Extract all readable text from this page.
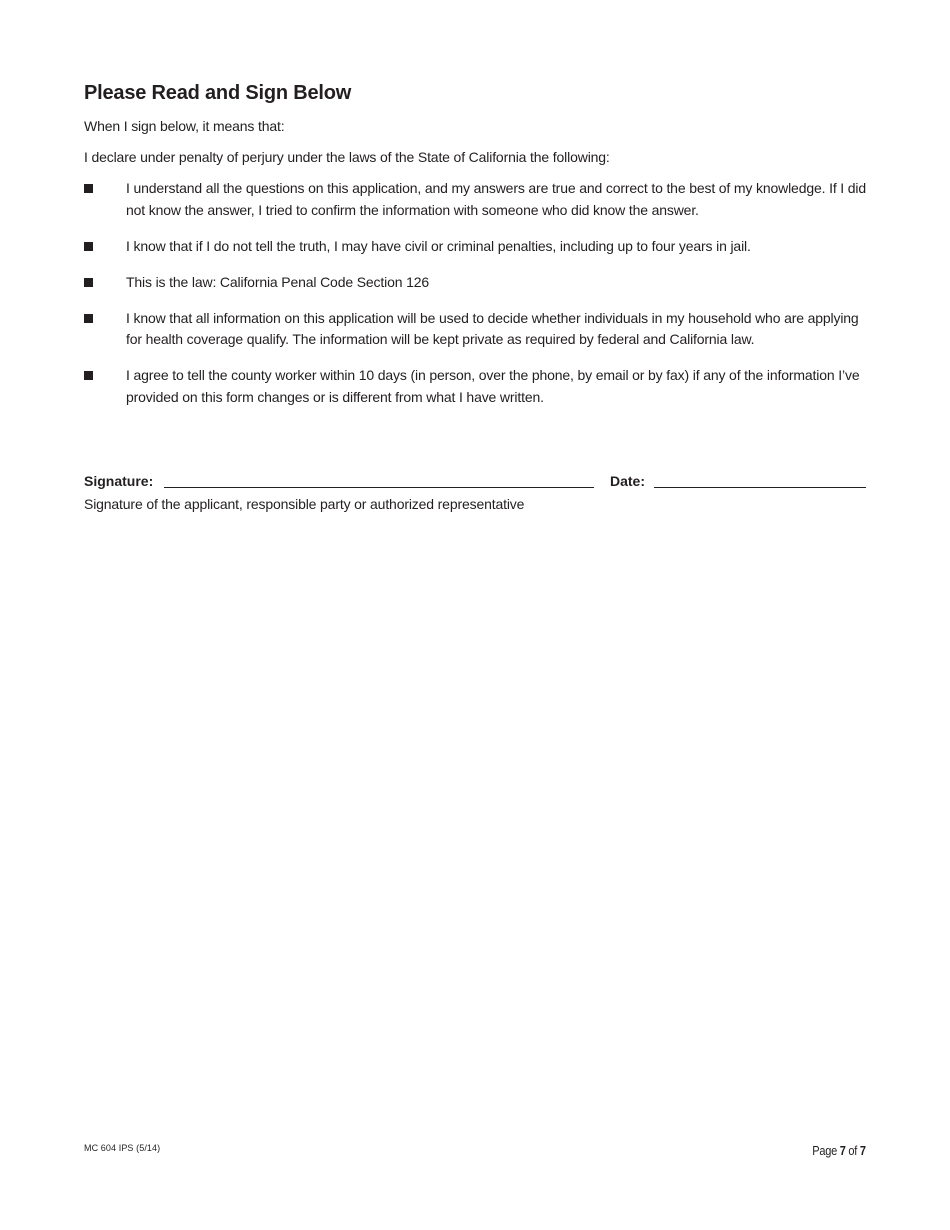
Please Read and Sign Below

When I sign below, it means that:

I declare under penalty of perjury under the laws of the State of California the following:

I understand all the questions on this application, and my answers are true and correct to the best of my knowledge. If I did not know the answer, I tried to confirm the information with someone who did know the answer.
I know that if I do not tell the truth, I may have civil or criminal penalties, including up to four years in jail.
This is the law: California Penal Code Section 126
I know that all information on this application will be used to decide whether individuals in my household who are applying for health coverage qualify. The information will be kept private as required by federal and California law.
I agree to tell the county worker within 10 days (in person, over the phone, by email or by fax) if any of the information I’ve provided on this form changes or is different from what I have written.
Signature:	Date:

Signature of the applicant, responsible party or authorized representative

MC 604 IPS (5/14)	Page 7 of 7
